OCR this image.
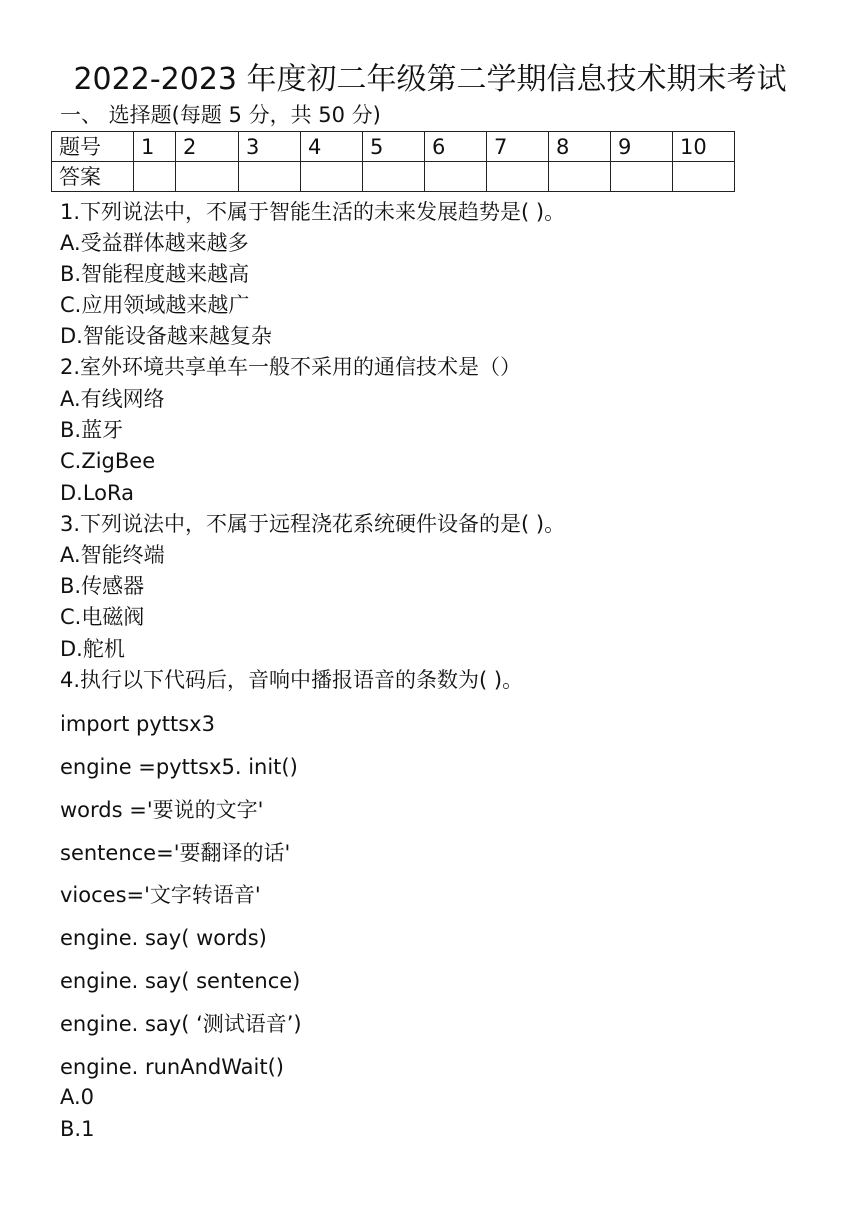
2022-2023 年度初二年级第二学期信息技术期末考试
一、 选择题(每题 5 分，共 50 分)
题号	1	2	3	4	5	6	7	8	9	10
答案										
1.下列说法中，不属于智能生活的未来发展趋势是( )。
A.受益群体越来越多
B.智能程度越来越高
C.应用领域越来越广
D.智能设备越来越复杂
2.室外环境共享单车一般不采用的通信技术是（）
A.有线网络
B.蓝牙
C.ZigBee
D.LoRa
3.下列说法中，不属于远程浇花系统硬件设备的是( )。
A.智能终端
B.传感器
C.电磁阀
D.舵机
4.执行以下代码后，音响中播报语音的条数为( )。
import pyttsx3
engine =pyttsx5. init()
words ='要说的文字'
sentence='要翻译的话'
vioces='文字转语音'
engine. say( words)
engine. say( sentence)
engine. say( ‘测试语音’)
engine. runAndWait()
A.0
B.1
